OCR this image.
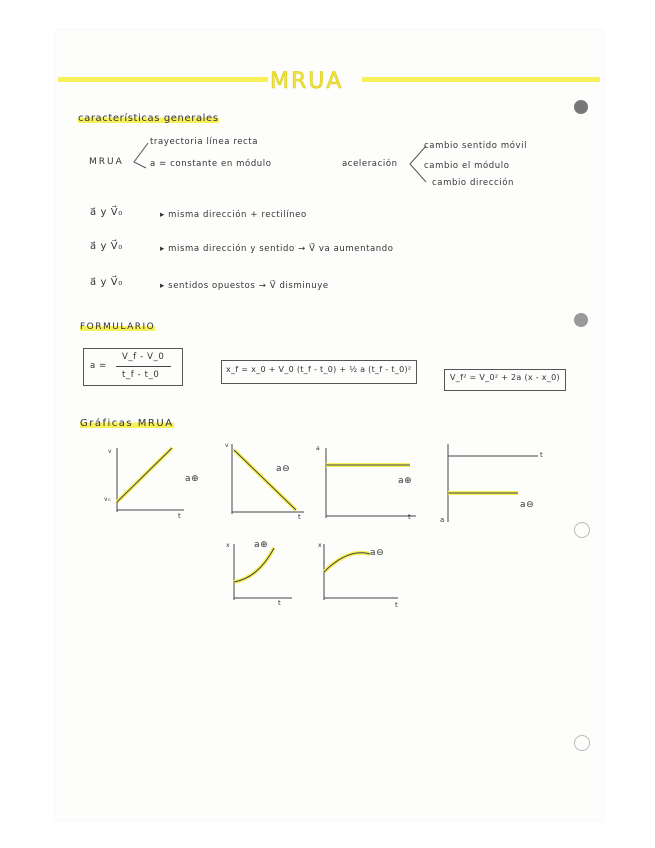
MRUA
características generales
MRUA
trayectoria línea recta
a = constante en módulo	aceleración
cambio sentido móvil
cambio el módulo
cambio dirección
a⃗ y V⃗₀	▸ misma dirección + rectilíneo
a⃗ y V⃗₀	▸ misma dirección y sentido → V⃗ va aumentando
a⃗ y V⃗₀	▸ sentidos opuestos → V⃗ disminuye
FORMULARIO
a =
V_f - V_0
t_f - t_0
x_f = x_0 + V_0 (t_f - t_0) + ½ a (t_f - t_0)²
V_f² = V_0² + 2a (x - x_0)
Gráficas MRUA
v
v₀
t
a⊕
v
t
a⊖
a
t
a⊕
a
t
a⊖
x
t
a⊕	x
t
a⊖
